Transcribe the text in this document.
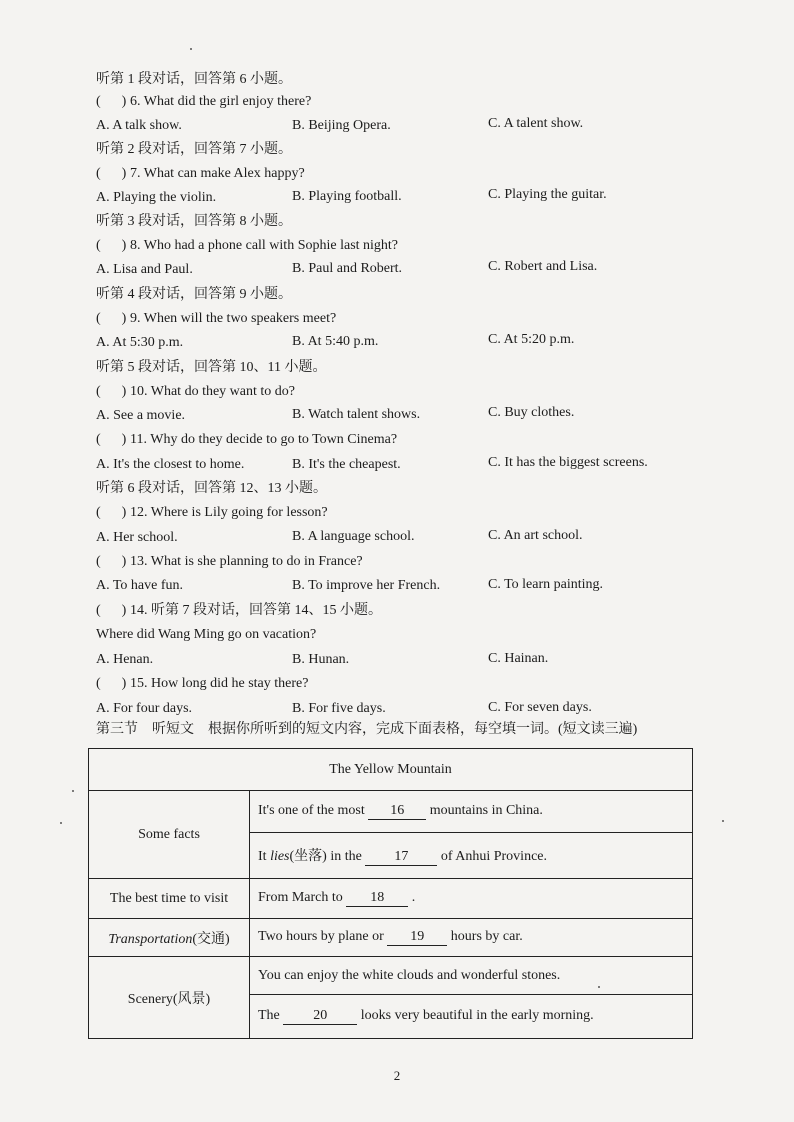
听第 1 段对话，回答第 6 小题。
(      ) 6. What did the girl enjoy there?
A. A talk show.	B. Beijing Opera.	C. A talent show.
听第 2 段对话，回答第 7 小题。
(      ) 7. What can make Alex happy?
A. Playing the violin.	B. Playing football.	C. Playing the guitar.
听第 3 段对话，回答第 8 小题。
(      ) 8. Who had a phone call with Sophie last night?
A. Lisa and Paul.	B. Paul and Robert.	C. Robert and Lisa.
听第 4 段对话，回答第 9 小题。
(      ) 9. When will the two speakers meet?
A. At 5:30 p.m.	B. At 5:40 p.m.	C. At 5:20 p.m.
听第 5 段对话，回答第 10、11 小题。
(      ) 10. What do they want to do?
A. See a movie.	B. Watch talent shows.	C. Buy clothes.
(      ) 11. Why do they decide to go to Town Cinema?
A. It's the closest to home.	B. It's the cheapest.	C. It has the biggest screens.
听第 6 段对话，回答第 12、13 小题。
(      ) 12. Where is Lily going for lesson?
A. Her school.	B. A language school.	C. An art school.
(      ) 13. What is she planning to do in France?
A. To have fun.	B. To improve her French.	C. To learn painting.
(      ) 14. 听第 7 段对话，回答第 14、15 小题。
Where did Wang Ming go on vacation?
A. Henan.	B. Hunan.	C. Hainan.
(      ) 15. How long did he stay there?
A. For four days.	B. For five days.	C. For seven days.
第三节　听短文　根据你所听到的短文内容，完成下面表格，每空填一词。(短文读三遍)
The Yellow Mountain	
Some facts	It's one of the most 16 mountains in China.
	It lies(坐落) in the 17 of Anhui Province.
The best time to visit	From March to 18 .
Transportation(交通)	Two hours by plane or 19 hours by car.
Scenery(风景)	You can enjoy the white clouds and wonderful stones.
	The 20 looks very beautiful in the early morning.
2
